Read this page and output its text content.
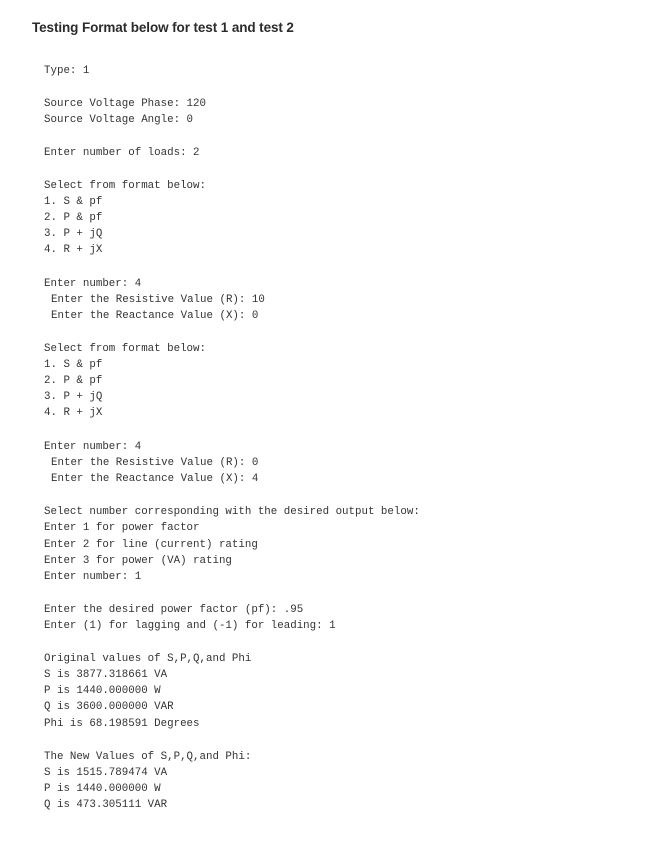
Testing Format below for test 1 and test 2

Type: 1

Source Voltage Phase: 120

Source Voltage Angle: 0

Enter number of loads: 2

Select from format below:

1. S & pf

2. P & pf

3. P + jQ

4. R + jX

Enter number: 4

Enter the Resistive Value (R): 10

Enter the Reactance Value (X): 0

Select from format below:

1. S & pf

2. P & pf

3. P + jQ

4. R + jX

Enter number: 4

Enter the Resistive Value (R): 0

Enter the Reactance Value (X): 4

Select number corresponding with the desired output below:

Enter 1 for power factor

Enter 2 for line (current) rating

Enter 3 for power (VA) rating

Enter number: 1

Enter the desired power factor (pf): .95

Enter (1) for lagging and (-1) for leading: 1

Original values of S,P,Q,and Phi

S is 3877.318661 VA

P is 1440.000000 W

Q is 3600.000000 VAR

Phi is 68.198591 Degrees

The New Values of S,P,Q,and Phi:

S is 1515.789474 VA

P is 1440.000000 W

Q is 473.305111 VAR
